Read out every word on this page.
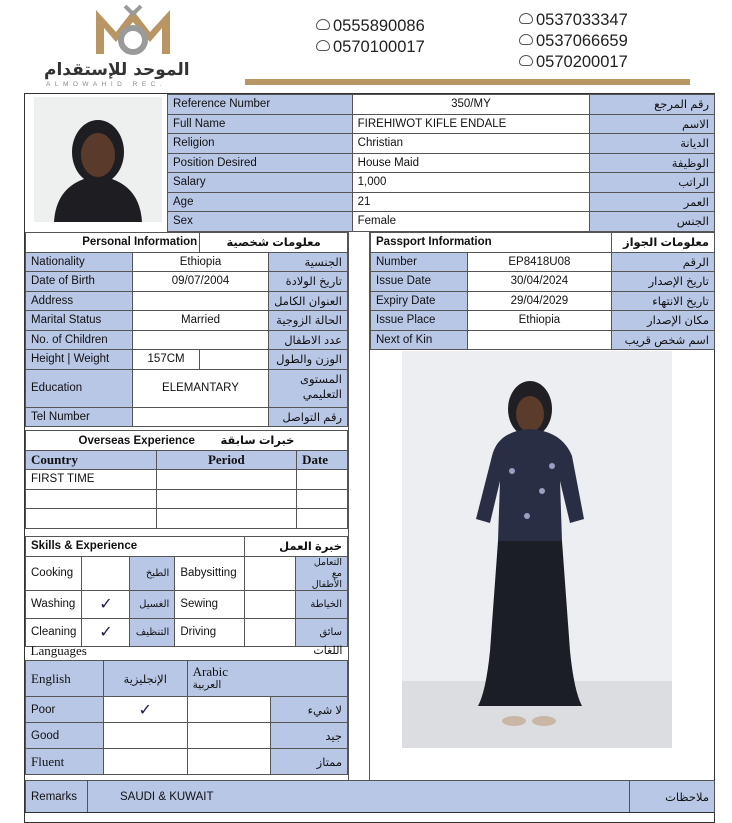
الموحد للإستقدام
ALMOWAHID REC.
0555890086
0570100017
0537033347
0537066659
0570200017
Reference Number	350/MY	رقم المرجع
Full Name	FIREHIWOT KIFLE ENDALE	الاسم
Religion	Christian	الديانة
Position Desired	House Maid	الوظيفة
Salary	1,000	الراتب
Age	21	العمر
Sex	Female	الجنس
Personal Information		معلومات شخصية	
Nationality	Ethiopia		الجنسية
Date of Birth	09/07/2004		تاريخ الولادة
Address			العنوان الكامل
Marital Status	Married		الحالة الزوجية
No. of Children			عدد الاطفال
Height | Weight	157CM		الوزن والطول
Education	ELEMANTARY		المستوى التعليمي
Tel Number			رقم التواصل
Overseas Experience خبرات سابقة		
Country	Period	Date
FIRST TIME		

Skills & Experience				خبرة العمل	
Cooking		الطبخ	Babysitting		التعامل مع الأطفال
Washing	✓	الغسيل	Sewing		الخياطة
Cleaning	✓	التنظيف	Driving		سائق
Languages		اللغات	
English	الإنجليزية	Arabic
العربية	

Poor	✓		لا شيء
Good			جيد
Fluent			ممتاز
Passport Information		معلومات الجواز
Number	EP8418U08	الرقم
Issue Date	30/04/2024	تاريخ الإصدار
Expiry Date	29/04/2029	تاريخ الانتهاء
Issue Place	Ethiopia	مكان الإصدار
Next of Kin		اسم شخص قريب
Remarks	SAUDI & KUWAIT	ملاحظات
